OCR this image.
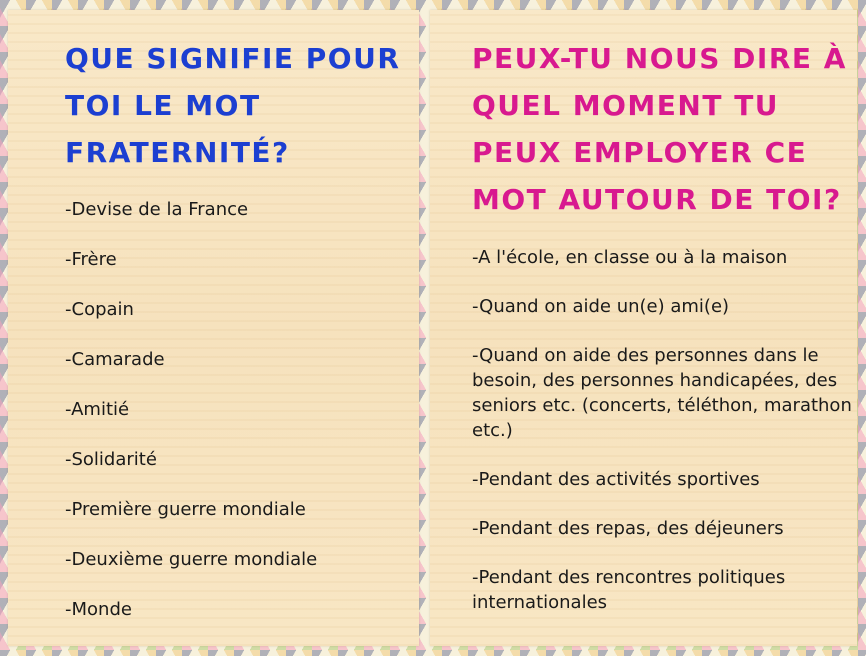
QUE SIGNIFIE POUR TOI LE MOT FRATERNITÉ?
-Devise de la France
-Frère
-Copain
-Camarade
-Amitié
-Solidarité
-Première guerre mondiale
-Deuxième guerre mondiale
-Monde
PEUX-TU NOUS DIRE À QUEL MOMENT TU PEUX EMPLOYER CE MOT AUTOUR DE TOI?
-A l'école, en classe ou à la maison
-Quand on aide un(e) ami(e)
-Quand on aide des personnes dans le besoin, des personnes handicapées, des seniors etc. (concerts, téléthon, marathon etc.)
-Pendant des activités sportives
-Pendant des repas, des déjeuners
-Pendant des rencontres politiques internationales
